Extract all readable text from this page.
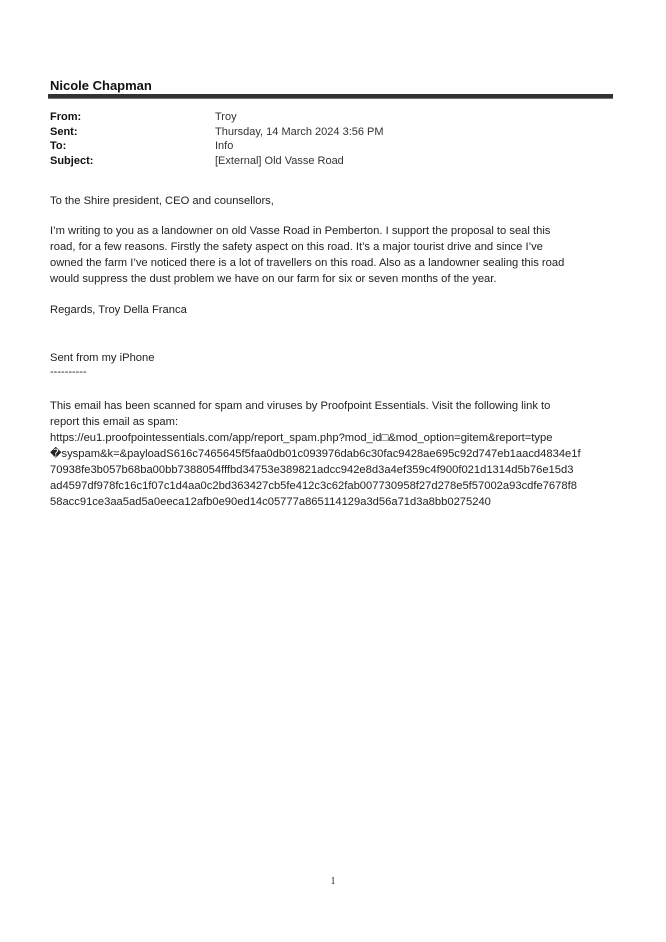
Nicole Chapman
From:	Troy
Sent:	Thursday, 14 March 2024 3:56 PM
To:	Info
Subject:	[External] Old Vasse Road
To the Shire president, CEO and counsellors,
I’m writing to you as a landowner on old Vasse Road in Pemberton. I support the proposal to seal this
road, for a few reasons. Firstly the safety aspect on this road. It’s a major tourist drive and since I’ve
owned the farm I’ve noticed there is a lot of travellers on this road. Also as a landowner sealing this road
would suppress the dust problem we have on our farm for six or seven months of the year.
Regards, Troy Della Franca
Sent from my iPhone
----------
This email has been scanned for spam and viruses by Proofpoint Essentials. Visit the following link to
report this email as spam:
https://eu1.proofpointessentials.com/app/report_spam.php?mod_id□&mod_option=gitem&report=type
�syspam&k=&payloadS616c7465645f5faa0db01c093976dab6c30fac9428ae695c92d747eb1aacd4834e1f
70938fe3b057b68ba00bb7388054fffbd34753e389821adcc942e8d3a4ef359c4f900f021d1314d5b76e15d3
ad4597df978fc16c1f07c1d4aa0c2bd363427cb5fe412c3c62fab007730958f27d278e5f57002a93cdfe7678f8
58acc91ce3aa5ad5a0eeca12afb0e90ed14c05777a865114129a3d56a71d3a8bb0275240
1
